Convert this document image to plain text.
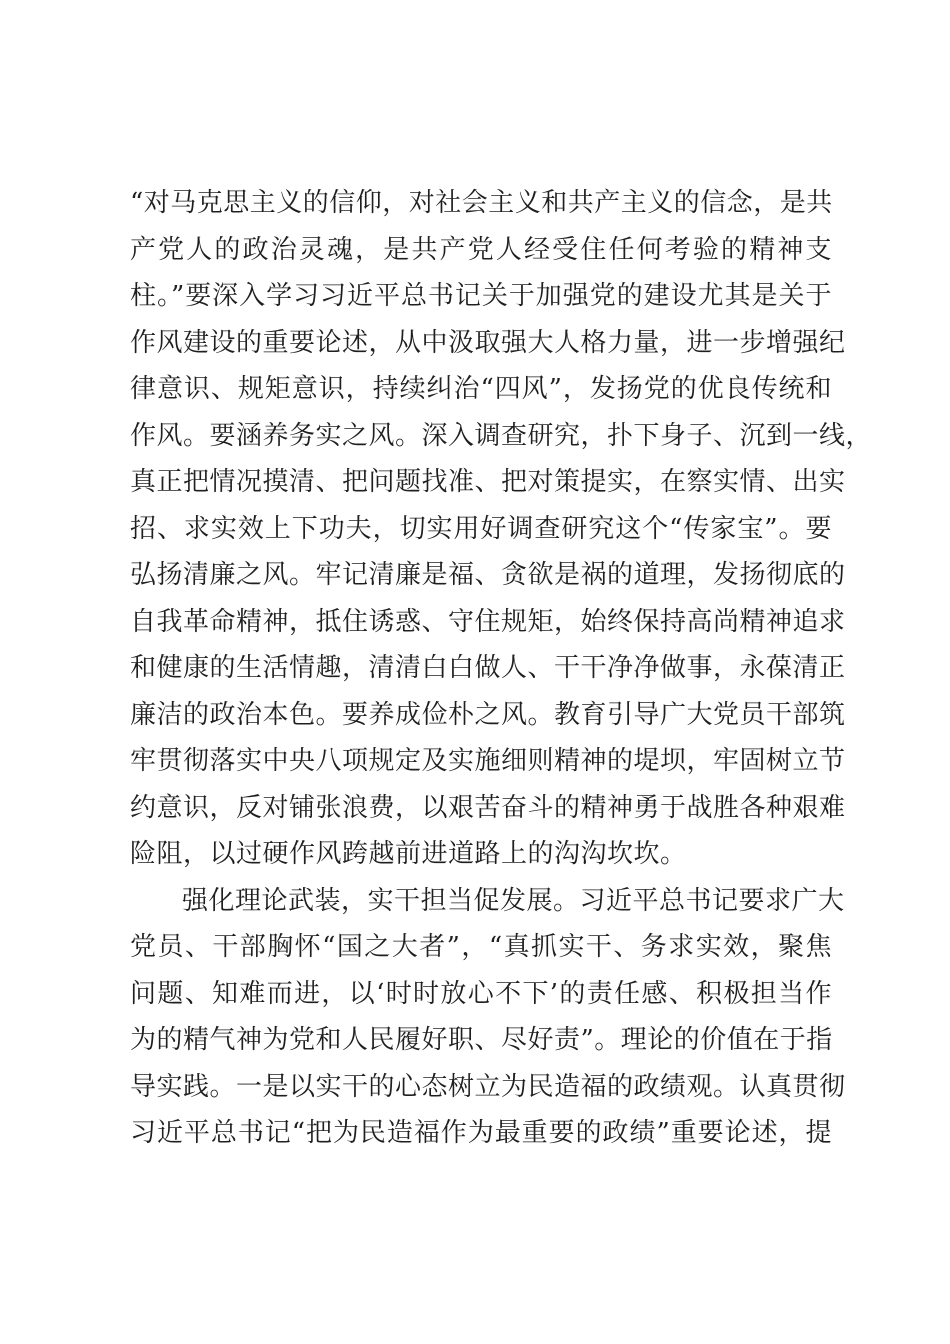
“对马克思主义的信仰，对社会主义和共产主义的信念，是共
产党人的政治灵魂，是共产党人经受住任何考验的精神支
柱。”要深入学习习近平总书记关于加强党的建设尤其是关于
作风建设的重要论述，从中汲取强大人格力量，进一步增强纪
律意识、规矩意识，持续纠治“四风”，发扬党的优良传统和
作风。要涵养务实之风。深入调查研究，扑下身子、沉到一线，
真正把情况摸清、把问题找准、把对策提实，在察实情、出实
招、求实效上下功夫，切实用好调查研究这个“传家宝”。要
弘扬清廉之风。牢记清廉是福、贪欲是祸的道理，发扬彻底的
自我革命精神，抵住诱惑、守住规矩，始终保持高尚精神追求
和健康的生活情趣，清清白白做人、干干净净做事，永葆清正
廉洁的政治本色。要养成俭朴之风。教育引导广大党员干部筑
牢贯彻落实中央八项规定及实施细则精神的堤坝，牢固树立节
约意识，反对铺张浪费，以艰苦奋斗的精神勇于战胜各种艰难
险阻，以过硬作风跨越前进道路上的沟沟坎坎。
强化理论武装，实干担当促发展。习近平总书记要求广大
党员、干部胸怀“国之大者”，“真抓实干、务求实效，聚焦
问题、知难而进，以‘时时放心不下’的责任感、积极担当作
为的精气神为党和人民履好职、尽好责”。理论的价值在于指
导实践。一是以实干的心态树立为民造福的政绩观。认真贯彻
习近平总书记“把为民造福作为最重要的政绩”重要论述，提
